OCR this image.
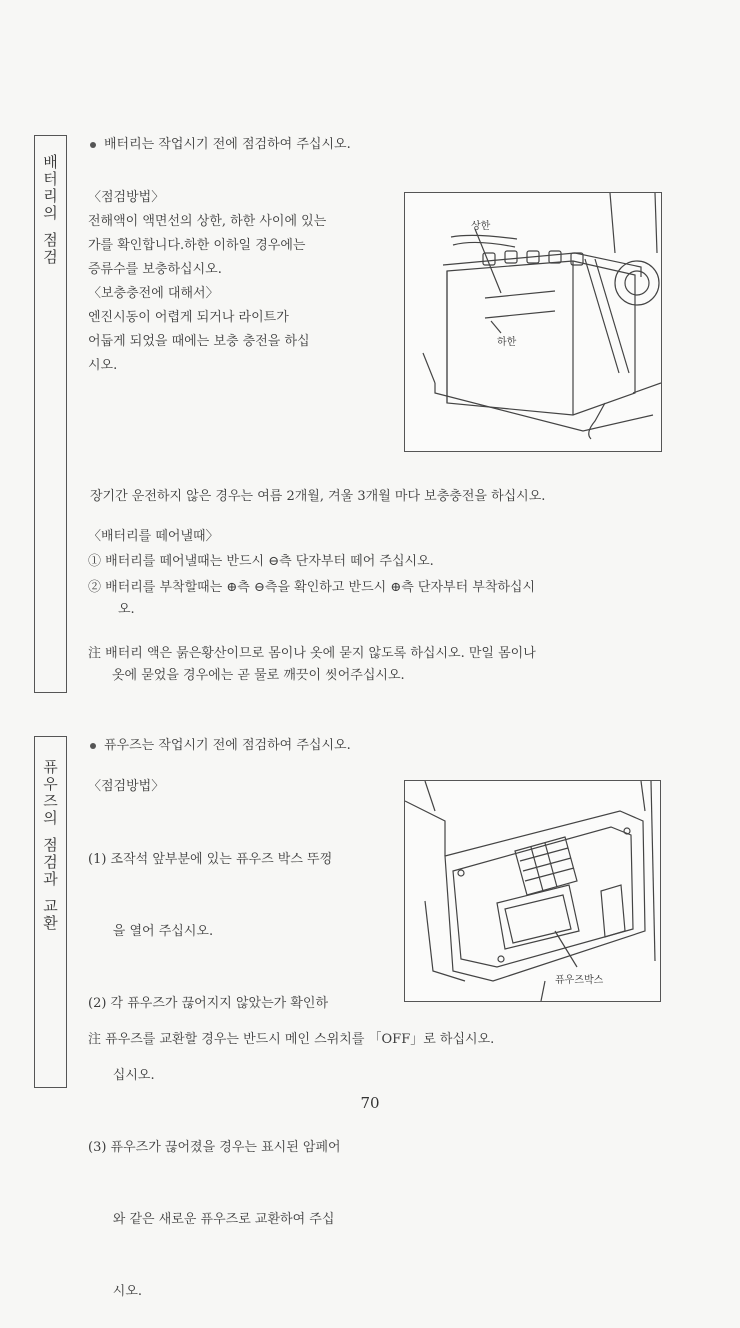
배
터
리
의
점
검
배터리는 작업시기 전에 점검하여 주십시오.
〈점검방법〉
전해액이 액면선의 상한, 하한 사이에 있는
가를 확인합니다.하한 이하일 경우에는
증류수를 보충하십시오.
〈보충충전에 대해서〉
엔진시동이 어렵게 되거나 라이트가
어둡게 되었을 때에는 보충 충전을 하십
시오.
상한
하한
장기간 운전하지 않은 경우는 여름 2개월, 겨울 3개월 마다 보충충전을 하십시오.
〈배터리를 떼어낼때〉
① 배터리를 떼어낼때는 반드시 ⊖측 단자부터 떼어 주십시오.
② 배터리를 부착할때는 ⊕측 ⊖측을 확인하고 반드시 ⊕측 단자부터 부착하십시
오.
注 배터리 액은 묽은황산이므로 몸이나 옷에 묻지 않도록 하십시오. 만일 몸이나
옷에 묻었을 경우에는 곧 물로 깨끗이 씻어주십시오.
퓨
우
즈
의
점
검
과
교
환
퓨우즈는 작업시기 전에 점검하여 주십시오.
〈점검방법〉

(1) 조작석 앞부분에 있는 퓨우즈 박스 뚜껑

을 열어 주십시오.

(2) 각 퓨우즈가 끊어지지 않았는가 확인하

십시오.

(3) 퓨우즈가 끊어졌을 경우는 표시된 암페어

와 같은 새로운 퓨우즈로 교환하여 주십

시오.

퓨우즈박스
注 퓨우즈를 교환할 경우는 반드시 메인 스위치를 「OFF」로 하십시오.
70
